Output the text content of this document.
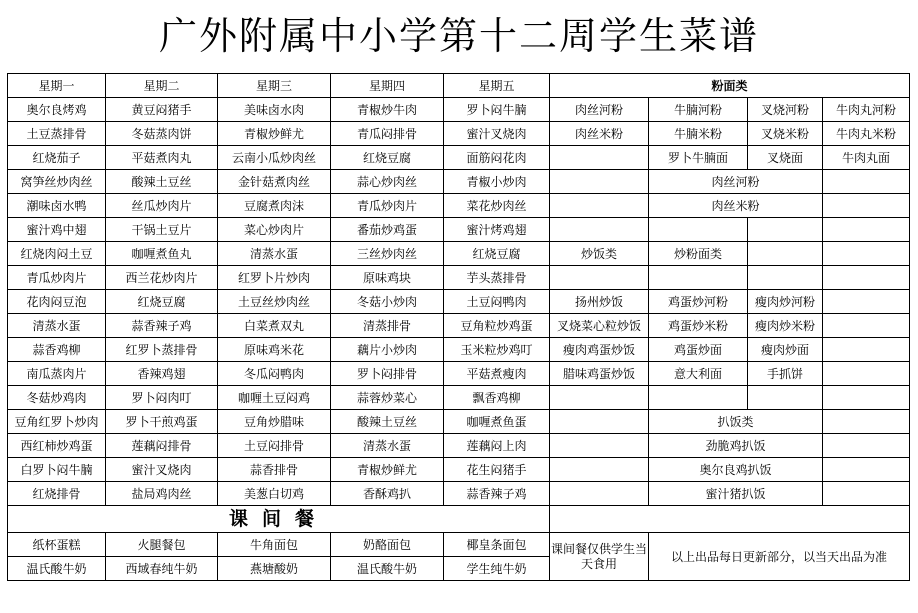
广外附属中小学第十二周学生菜谱
星期一	星期二	星期三	星期四	星期五	粉面类			
奥尔良烤鸡	黄豆闷猪手	美味卤水肉	青椒炒牛肉	罗卜闷牛腩	肉丝河粉	牛腩河粉	叉烧河粉	牛肉丸河粉
土豆蒸排骨	冬菇蒸肉饼	青椒炒鲜尤	青瓜闷排骨	蜜汁叉烧肉	肉丝米粉	牛腩米粉	叉烧米粉	牛肉丸米粉
红烧茄子	平菇煮肉丸	云南小瓜炒肉丝	红烧豆腐	面筋闷花肉		罗卜牛腩面	叉烧面	牛肉丸面
窝笋丝炒肉丝	酸辣土豆丝	金针菇煮肉丝	蒜心炒肉丝	青椒小炒肉		肉丝河粉		
潮味卤水鸭	丝瓜炒肉片	豆腐煮肉沫	青瓜炒肉片	菜花炒肉丝		肉丝米粉		
蜜汁鸡中翅	干锅土豆片	菜心炒肉片	番茄炒鸡蛋	蜜汁烤鸡翅				
红烧肉闷土豆	咖喱煮鱼丸	清蒸水蛋	三丝炒肉丝	红烧豆腐	炒饭类	炒粉面类		
青瓜炒肉片	西兰花炒肉片	红罗卜片炒肉	原味鸡块	芋头蒸排骨				
花肉闷豆泡	红烧豆腐	土豆丝炒肉丝	冬菇小炒肉	土豆闷鸭肉	扬州炒饭	鸡蛋炒河粉	瘦肉炒河粉	
清蒸水蛋	蒜香辣子鸡	白菜煮双丸	清蒸排骨	豆角粒炒鸡蛋	叉烧菜心粒炒饭	鸡蛋炒米粉	瘦肉炒米粉	
蒜香鸡柳	红罗卜蒸排骨	原味鸡米花	藕片小炒肉	玉米粒炒鸡叮	瘦肉鸡蛋炒饭	鸡蛋炒面	瘦肉炒面	
南瓜蒸肉片	香辣鸡翅	冬瓜闷鸭肉	罗卜闷排骨	平菇煮瘦肉	腊味鸡蛋炒饭	意大利面	手抓饼	
冬菇炒鸡肉	罗卜闷肉叮	咖喱土豆闷鸡	蒜蓉炒菜心	飘香鸡柳				
豆角红罗卜炒肉	罗卜干煎鸡蛋	豆角炒腊味	酸辣土豆丝	咖喱煮鱼蛋		扒饭类		
西红柿炒鸡蛋	莲藕闷排骨	土豆闷排骨	清蒸水蛋	莲藕闷上肉		劲脆鸡扒饭		
白罗卜闷牛腩	蜜汁叉烧肉	蒜香排骨	青椒炒鲜尤	花生闷猪手		奥尔良鸡扒饭		
红烧排骨	盐局鸡肉丝	美葱白切鸡	香酥鸡扒	蒜香辣子鸡		蜜汁猪扒饭		
课间餐								
纸杯蛋糕	火腿餐包	牛角面包	奶酪面包	椰皇条面包	课间餐仅供学生当天食用	以上出品每日更新部分，以当天出品为准		
温氏酸牛奶	西域春纯牛奶	燕塘酸奶	温氏酸牛奶	学生纯牛奶				
